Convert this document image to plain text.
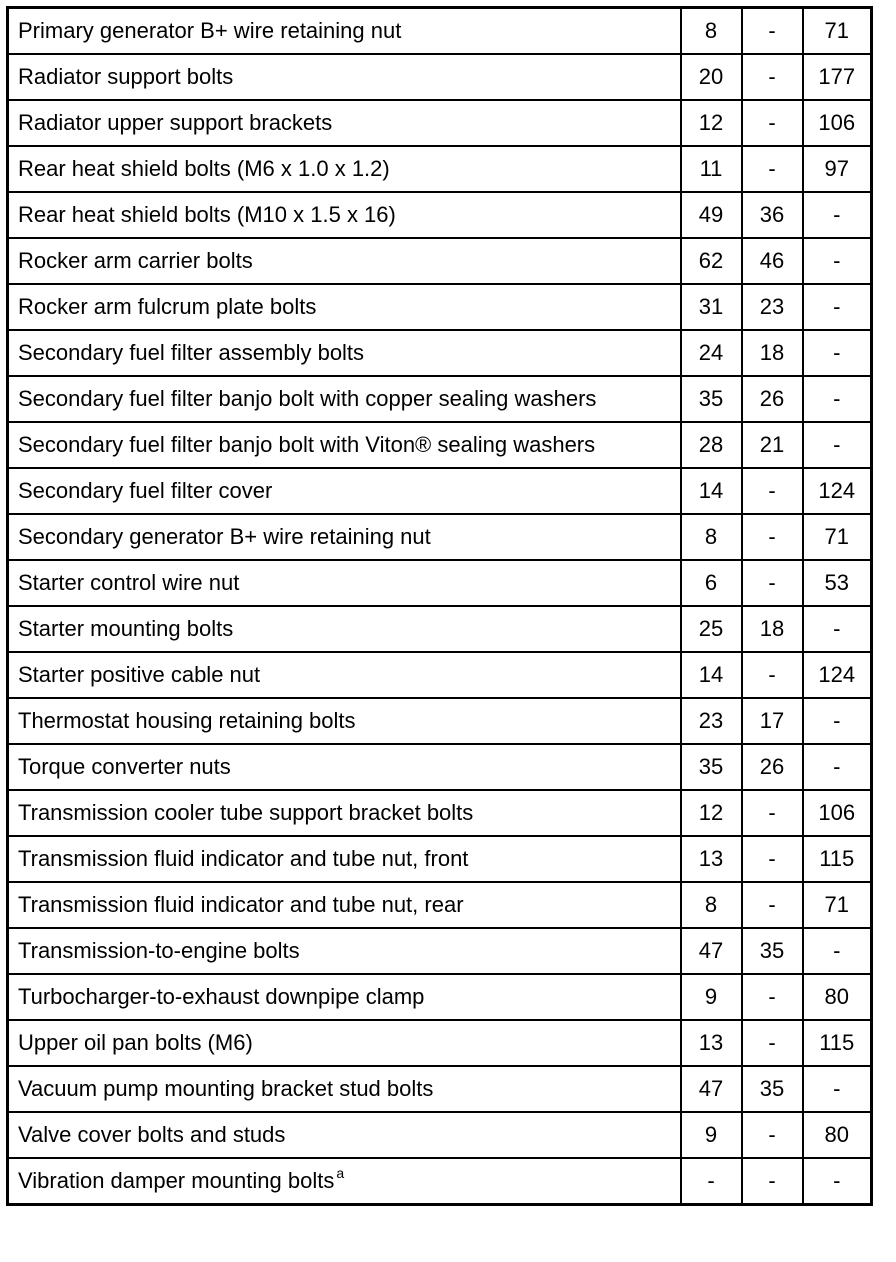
Primary generator B+ wire retaining nut	8	-	71
Radiator support bolts	20	-	177
Radiator upper support brackets	12	-	106
Rear heat shield bolts (M6 x 1.0 x 1.2)	11	-	97
Rear heat shield bolts (M10 x 1.5 x 16)	49	36	-
Rocker arm carrier bolts	62	46	-
Rocker arm fulcrum plate bolts	31	23	-
Secondary fuel filter assembly bolts	24	18	-
Secondary fuel filter banjo bolt with copper sealing washers	35	26	-
Secondary fuel filter banjo bolt with Viton® sealing washers	28	21	-
Secondary fuel filter cover	14	-	124
Secondary generator B+ wire retaining nut	8	-	71
Starter control wire nut	6	-	53
Starter mounting bolts	25	18	-
Starter positive cable nut	14	-	124
Thermostat housing retaining bolts	23	17	-
Torque converter nuts	35	26	-
Transmission cooler tube support bracket bolts	12	-	106
Transmission fluid indicator and tube nut, front	13	-	115
Transmission fluid indicator and tube nut, rear	8	-	71
Transmission-to-engine bolts	47	35	-
Turbocharger-to-exhaust downpipe clamp	9	-	80
Upper oil pan bolts (M6)	13	-	115
Vacuum pump mounting bracket stud bolts	47	35	-
Valve cover bolts and studs	9	-	80
Vibration damper mounting bolts $^a$	-	-	-
